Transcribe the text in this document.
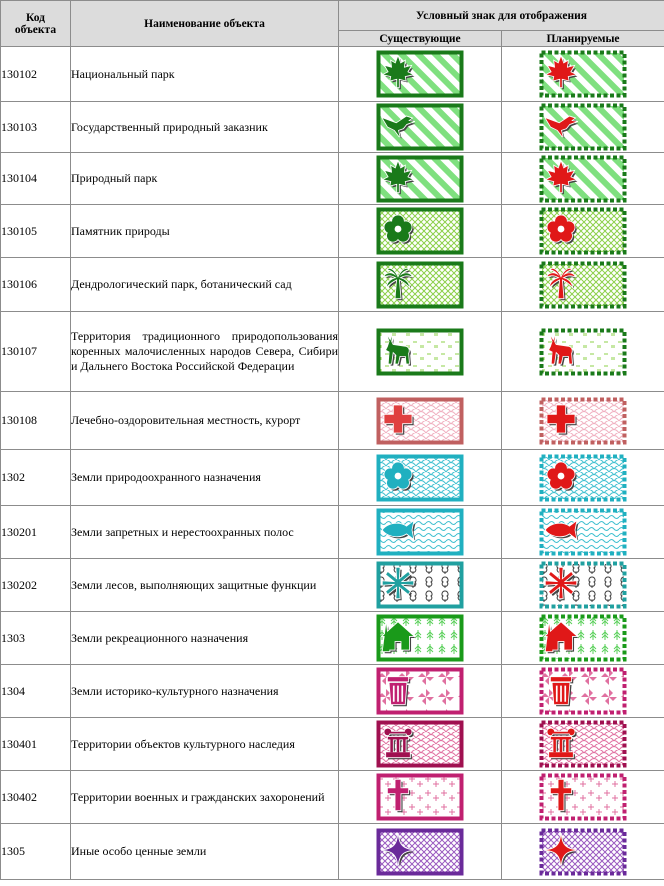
Код
объекта	Наименование объекта	Условный знак для отображения	
		Существующие	Планируемые
130102	Национальный парк

130103	Государственный природный заказник

130104	Природный парк

130105	Памятник природы

130106	Дендрологический парк, ботанический сад

130107	Территория традиционного природопользования коренных малочисленных народов Севера, Сибири и Дальнего Востока Российской Федерации

130108	Лечебно-оздоровительная местность, курорт

1302	Земли природоохранного назначения

130201	Земли запретных и нерестоохранных полос

130202	Земли лесов, выполняющих защитные функции

1303	Земли рекреационного назначения

1304	Земли историко-культурного назначения

130401	Территории объектов культурного наследия

130402	Территории военных и гражданских захоронений

1305	Иные особо ценные земли
